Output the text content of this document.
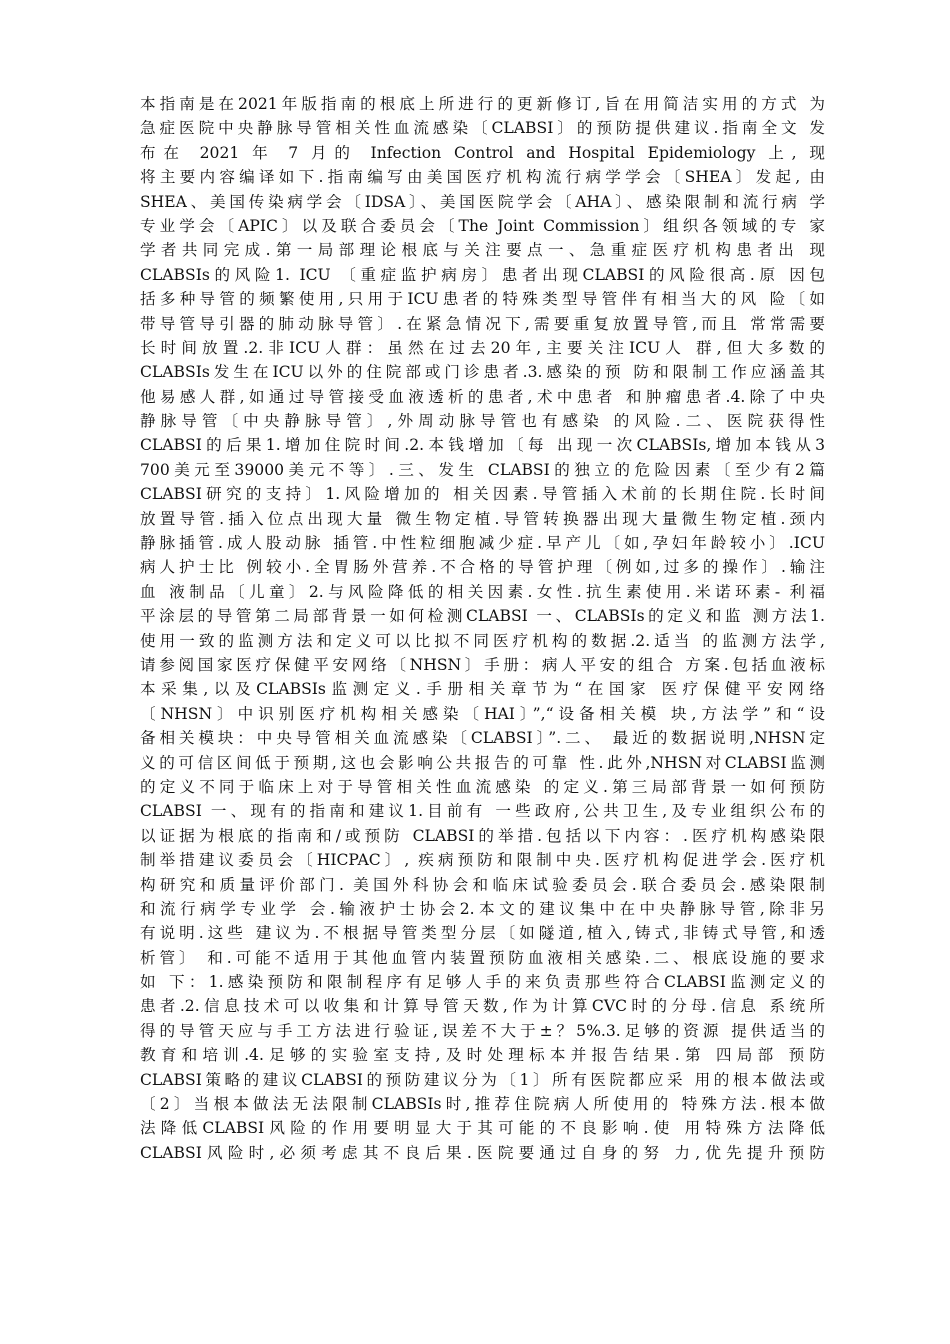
本指南是在2021年版指南的根底上所进行的更新修订,旨在用简洁实用的方式 为
急症医院中央静脉导管相关性血流感染〔CLABSI〕的预防提供建议.指南全文 发
布在 2021 年 7 月的 Infection Control and Hospital Epidemiology 上, 现
将主要内容编译如下.指南编写由美国医疗机构流行病学学会〔SHEA〕发起, 由
SHEA、美国传染病学会〔IDSA〕、美国医院学会〔AHA〕、感染限制和流行病 学
专业学会〔APIC〕以及联合委员会〔The Joint Commission〕组织各领域的专 家
学者共同完成.第一局部理论根底与关注要点一、急重症医疗机构患者出 现
CLABSIs的风险1. ICU 〔重症监护病房〕患者出现CLABSI的风险很高.原 因包
括多种导管的频繁使用,只用于ICU患者的特殊类型导管伴有相当大的风 险〔如
带导管导引器的肺动脉导管〕.在紧急情况下,需要重复放置导管,而且 常常需要
长时间放置.2.非ICU人群：虽然在过去20年,主要关注ICU人 群,但大多数的
CLABSIs发生在ICU以外的住院部或门诊患者.3.感染的预 防和限制工作应涵盖其
他易感人群,如通过导管接受血液透析的患者,术中患者 和肿瘤患者.4.除了中央
静脉导管〔中央静脉导管〕,外周动脉导管也有感染 的风险.二、医院获得性
CLABSI的后果1.增加住院时间.2.本钱增加〔每 出现一次CLABSIs,增加本钱从3
700美元至39000美元不等〕.三、发生 CLABSI的独立的危险因素〔至少有2篇
CLABSI研究的支持〕1.风险增加的 相关因素.导管插入术前的长期住院.长时间
放置导管.插入位点出现大量 微生物定植.导管转换器出现大量微生物定植.颈内
静脉插管.成人股动脉 插管.中性粒细胞减少症.早产儿〔如,孕妇年龄较小〕.ICU
病人护士比 例较小.全胃肠外营养.不合格的导管护理〔例如,过多的操作〕.输注
血 液制品〔儿童〕2.与风险降低的相关因素.女性.抗生素使用.米诺环素- 利福
平涂层的导管第二局部背景一如何检测CLABSI 一、CLABSIs的定义和监 测方法1.
使用一致的监测方法和定义可以比拟不同医疗机构的数据.2.适当 的监测方法学,
请参阅国家医疗保健平安网络〔NHSN〕手册：病人平安的组合 方案.包括血液标
本采集,以及CLABSIs监测定义.手册相关章节为“在国家 医疗保健平安网络
〔NHSN〕中识别医疗机构相关感染〔HAI〕”,“设备相关模 块,方法学”和“设
备相关模块：中央导管相关血流感染〔CLABSI〕”.二、 最近的数据说明,NHSN定
义的可信区间低于预期,这也会影响公共报告的可靠 性.此外,NHSN对CLABSI监测
的定义不同于临床上对于导管相关性血流感染 的定义.第三局部背景一如何预防
CLABSI 一、现有的指南和建议1.目前有 一些政府,公共卫生,及专业组织公布的
以证据为根底的指南和/或预防 CLABSI的举措.包括以下内容：.医疗机构感染限
制举措建议委员会〔HICPAC〕, 疾病预防和限制中央.医疗机构促进学会.医疗机
构研究和质量评价部门. 美国外科协会和临床试验委员会.联合委员会.感染限制
和流行病学专业学 会.输液护士协会2.本文的建议集中在中央静脉导管,除非另
有说明.这些 建议为.不根据导管类型分层〔如隧道,植入,铸式,非铸式导管,和透
析管〕 和.可能不适用于其他血管内装置预防血液相关感染.二、根底设施的要求
如 下：1.感染预防和限制程序有足够人手的来负责那些符合CLABSI监测定义的
患者.2.信息技术可以收集和计算导管天数,作为计算CVC时的分母.信息 系统所
得的导管天应与手工方法进行验证,误差不大于±？5%.3.足够的资源 提供适当的
教育和培训.4.足够的实验室支持,及时处理标本并报告结果.第 四局部 预防
CLABSI策略的建议CLABSI的预防建议分为〔1〕所有医院都应采 用的根本做法或
〔2〕当根本做法无法限制CLABSIs时,推荐住院病人所使用的 特殊方法.根本做
法降低CLABSI风险的作用要明显大于其可能的不良影响.使 用特殊方法降低
CLABSI风险时,必须考虑其不良后果.医院要通过自身的努 力,优先提升预防
